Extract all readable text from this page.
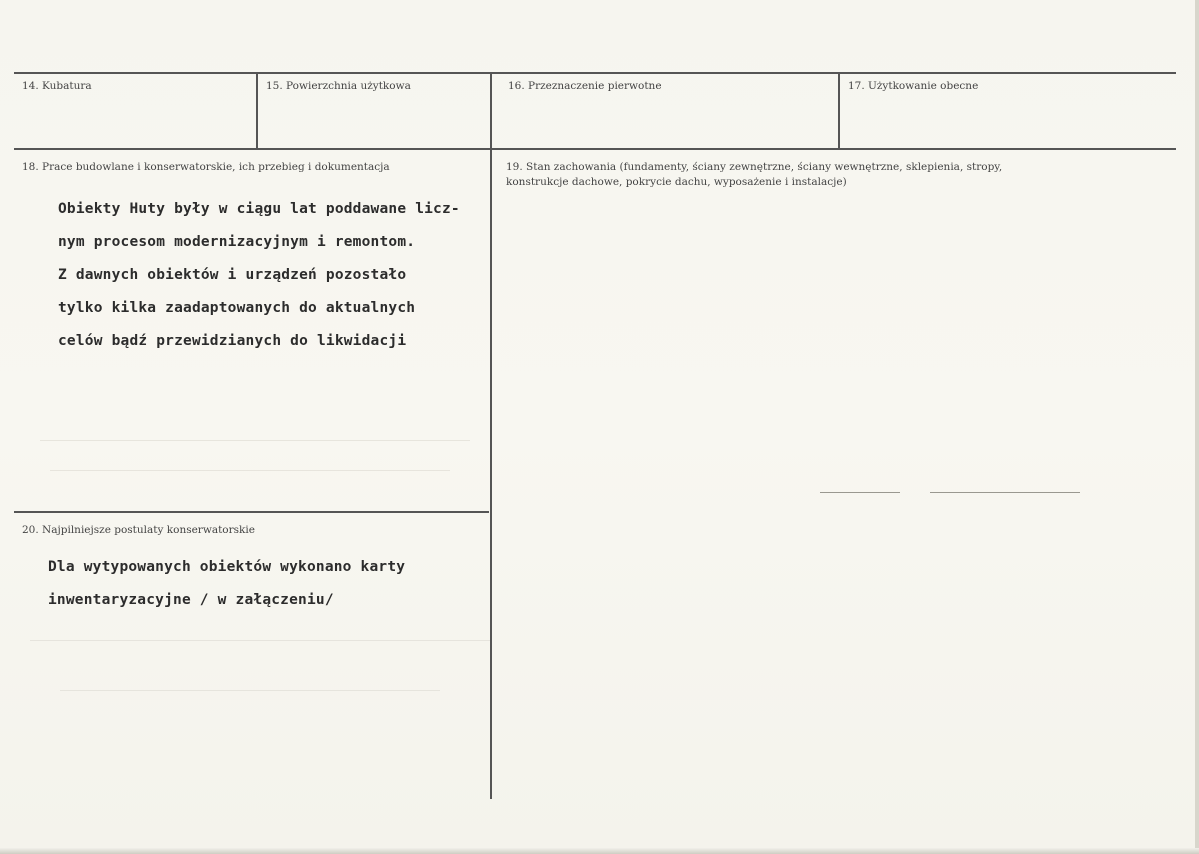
14. Kubatura	15. Powierzchnia użytkowa	16. Przeznaczenie pierwotne	17. Użytkowanie obecne
18. Prace budowlane i konserwatorskie, ich przebieg i dokumentacja
Obiekty Huty były w ciągu lat poddawane licz-
nym procesom modernizacyjnym i remontom.
Z dawnych obiektów i urządzeń pozostało
tylko kilka zaadaptowanych do aktualnych
celów bądź przewidzianych do likwidacji
19. Stan zachowania (fundamenty, ściany zewnętrzne, ściany wewnętrzne, sklepienia, stropy,
konstrukcje dachowe, pokrycie dachu, wyposażenie i instalacje)
20. Najpilniejsze postulaty konserwatorskie
Dla wytypowanych obiektów wykonano karty
inwentaryzacyjne / w załączeniu/
